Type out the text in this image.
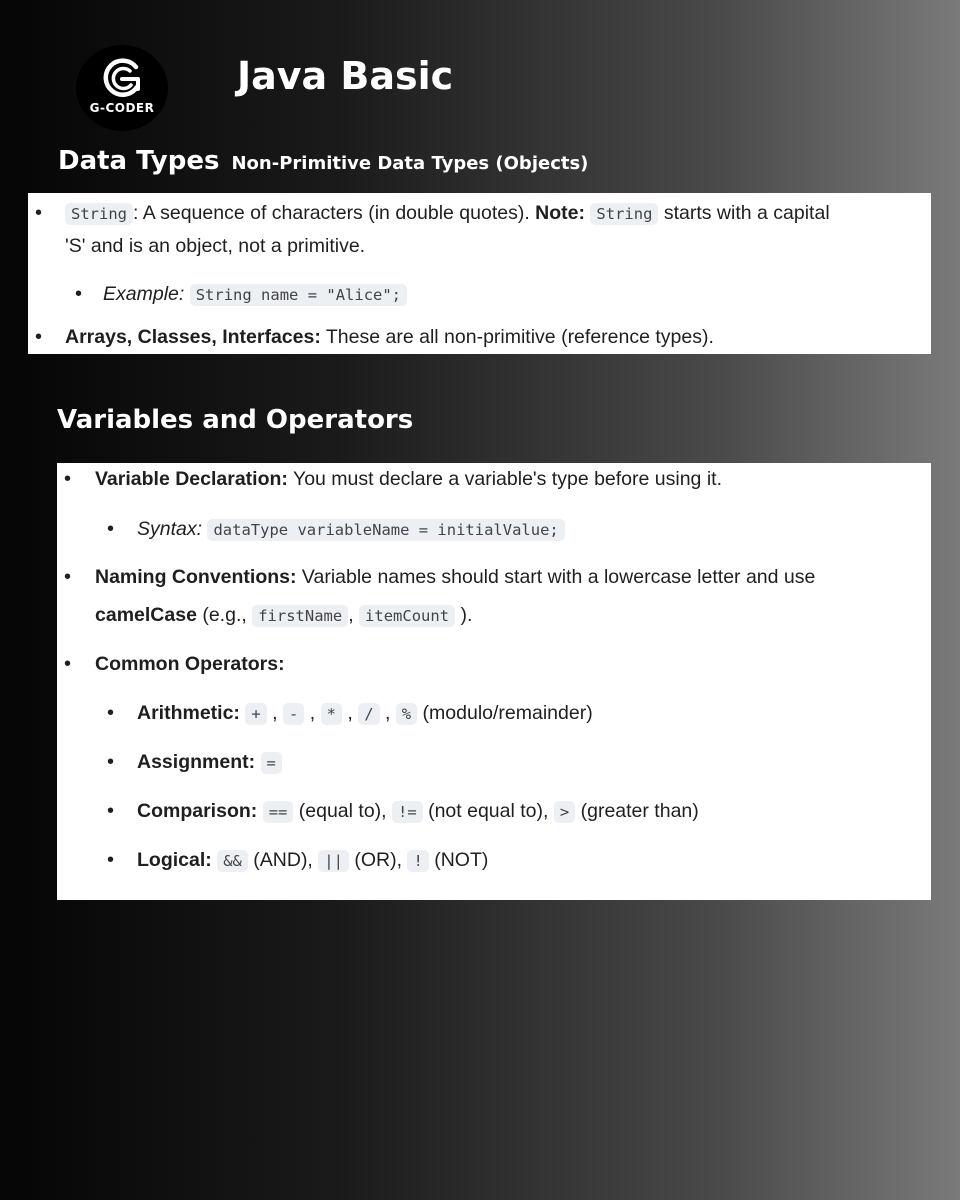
G-CODER
Java Basic
Data Types Non-Primitive Data Types (Objects)
•	String : A sequence of characters (in double quotes). Note: String starts with a capital
'S' and is an object, not a primitive.
• Example: String name = "Alice";
• Arrays, Classes, Interfaces: These are all non-primitive (reference types).
Variables and Operators
• Variable Declaration: You must declare a variable's type before using it.
• Syntax: dataType variableName = initialValue;
• Naming Conventions: Variable names should start with a lowercase letter and use
camelCase (e.g., firstName , itemCount ).
• Common Operators:
• Arithmetic: + , - , * , / , % (modulo/remainder)
• Assignment: =
• Comparison: == (equal to), != (not equal to), > (greater than)
• Logical: && (AND), || (OR), ! (NOT)
